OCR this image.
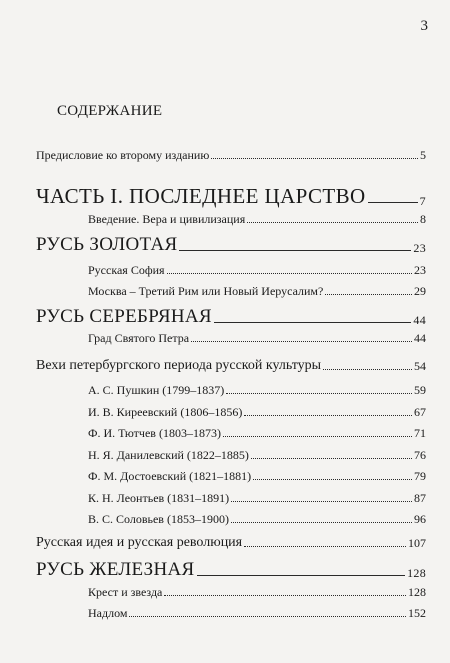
3
СОДЕРЖАНИЕ
Предисловие ко второму изданию	5
ЧАСТЬ I. ПОСЛЕДНЕЕ ЦАРСТВО	7
Введение. Вера и цивилизация	8
РУСЬ ЗОЛОТАЯ	23
Русская София	23
Москва – Третий Рим или Новый Иерусалим?	29
РУСЬ СЕРЕБРЯНАЯ	44
Град Святого Петра	44
Вехи петербургского периода русской культуры	54
А. С. Пушкин (1799–1837)	59
И. В. Киреевский (1806–1856)	67
Ф. И. Тютчев (1803–1873)	71
Н. Я. Данилевский (1822–1885)	76
Ф. М. Достоевский (1821–1881)	79
К. Н. Леонтьев (1831–1891)	87
В. С. Соловьев (1853–1900)	96
Русская идея и русская революция	107
РУСЬ ЖЕЛЕЗНАЯ	128
Крест и звезда	128
Надлом	152
